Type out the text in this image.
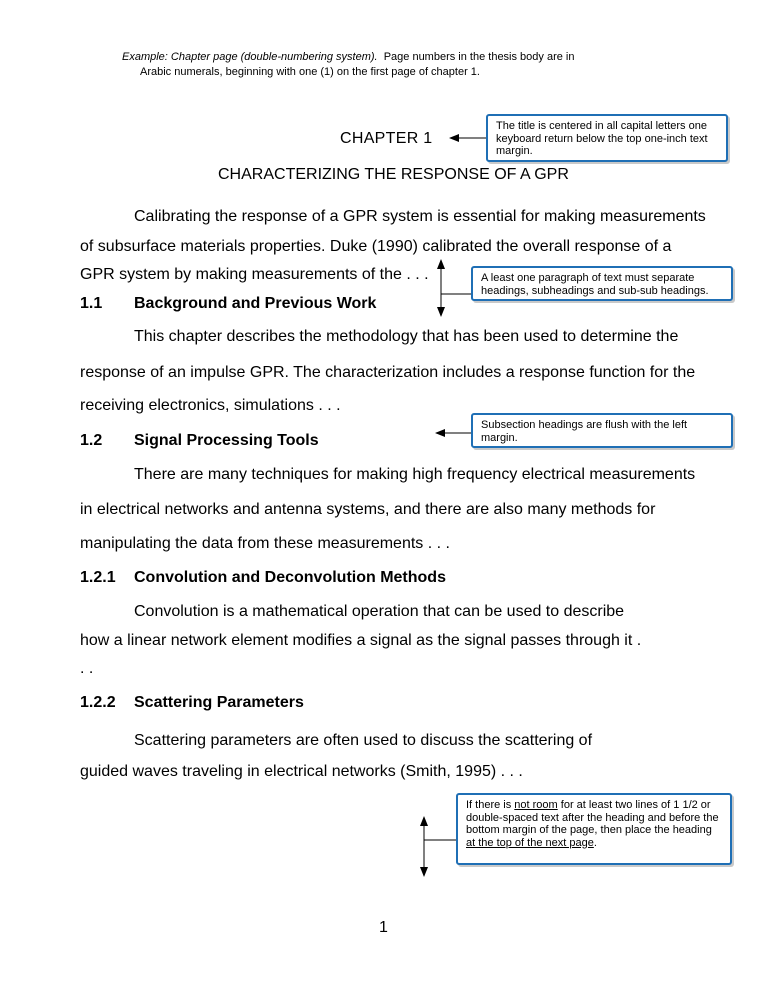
Example: Chapter page (double-numbering system). Page numbers in the thesis body are in
Arabic numerals, beginning with one (1) on the first page of chapter 1.
CHAPTER 1
CHARACTERIZING THE RESPONSE OF A GPR
Calibrating the response of a GPR system is essential for making measurements
of subsurface materials properties. Duke (1990) calibrated the overall response of a
GPR system by making measurements of the . . .
1.1 Background and Previous Work
This chapter describes the methodology that has been used to determine the
response of an impulse GPR. The characterization includes a response function for the
receiving electronics, simulations . . .
1.2 Signal Processing Tools
There are many techniques for making high frequency electrical measurements
in electrical networks and antenna systems, and there are also many methods for
manipulating the data from these measurements . . .
1.2.1 Convolution and Deconvolution Methods
Convolution is a mathematical operation that can be used to describe
how a linear network element modifies a signal as the signal passes through it .
. .
1.2.2 Scattering Parameters
Scattering parameters are often used to discuss the scattering of
guided waves traveling in electrical networks (Smith, 1995) . . .
The title is centered in all capital letters one keyboard return below the top one-inch text margin.
A least one paragraph of text must separate headings, subheadings and sub-sub headings.
Subsection headings are flush with the left margin.
If there is not room for at least two lines of 1 1/2 or double-spaced text after the heading and before the bottom margin of the page, then place the heading at the top of the next page.
1
